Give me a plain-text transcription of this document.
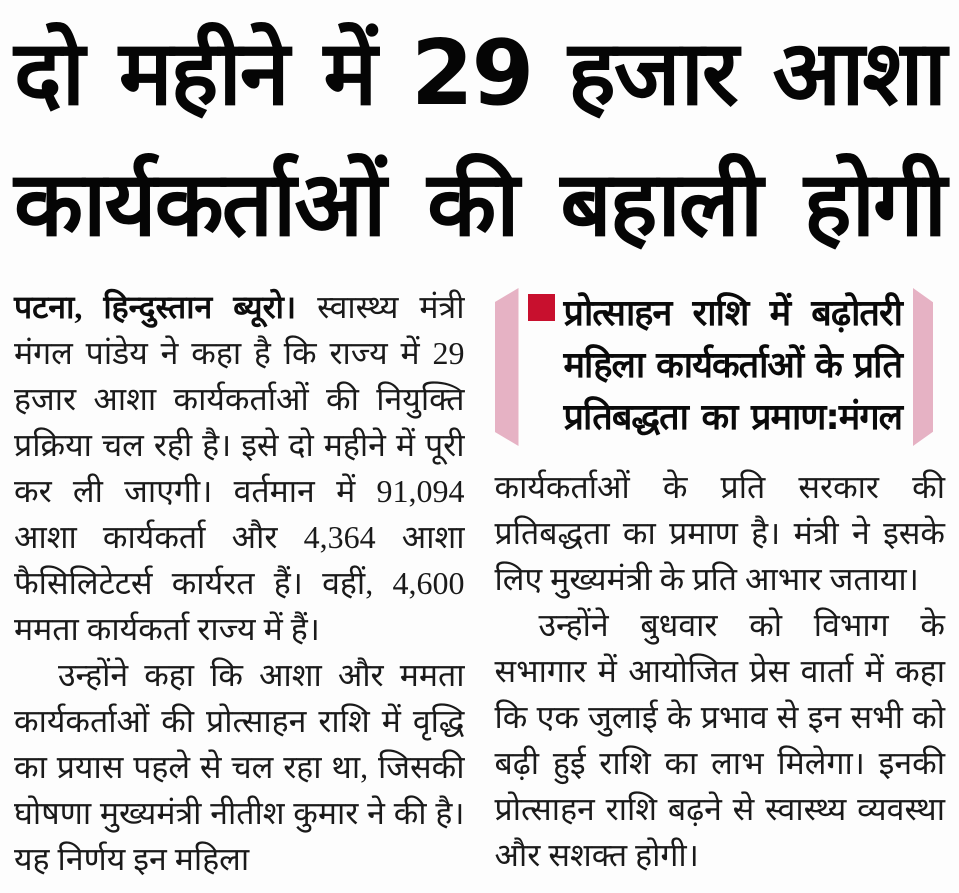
दो महीने में 29 हजार आशा
कार्यकर्ताओं की बहाली होगी

पटना, हिन्दुस्तान ब्यूरो। स्वास्थ्य मंत्री मंगल पांडेय ने कहा है कि राज्य में 29 हजार आशा कार्यकर्ताओं की नियुक्ति प्रक्रिया चल रही है। इसे दो महीने में पूरी कर ली जाएगी। वर्तमान में 91,094 आशा कार्यकर्ता और 4,364 आशा फैसिलिटेटर्स कार्यरत हैं। वहीं, 4,600 ममता कार्यकर्ता राज्य में हैं।

उन्होंने कहा कि आशा और ममता कार्यकर्ताओं की प्रोत्साहन राशि में वृद्धि का प्रयास पहले से चल रहा था, जिसकी घोषणा मुख्यमंत्री नीतीश कुमार ने की है। यह निर्णय इन महिला

प्रोत्साहन राशि में बढ़ोतरी
महिला कार्यकर्ताओं के प्रति
प्रतिबद्धता का प्रमाण:मंगल

कार्यकर्ताओं के प्रति सरकार की प्रतिबद्धता का प्रमाण है। मंत्री ने इसके लिए मुख्यमंत्री के प्रति आभार जताया।

उन्होंने बुधवार को विभाग के सभागार में आयोजित प्रेस वार्ता में कहा कि एक जुलाई के प्रभाव से इन सभी को बढ़ी हुई राशि का लाभ मिलेगा। इनकी प्रोत्साहन राशि बढ़ने से स्वास्थ्य व्यवस्था और सशक्त होगी।
